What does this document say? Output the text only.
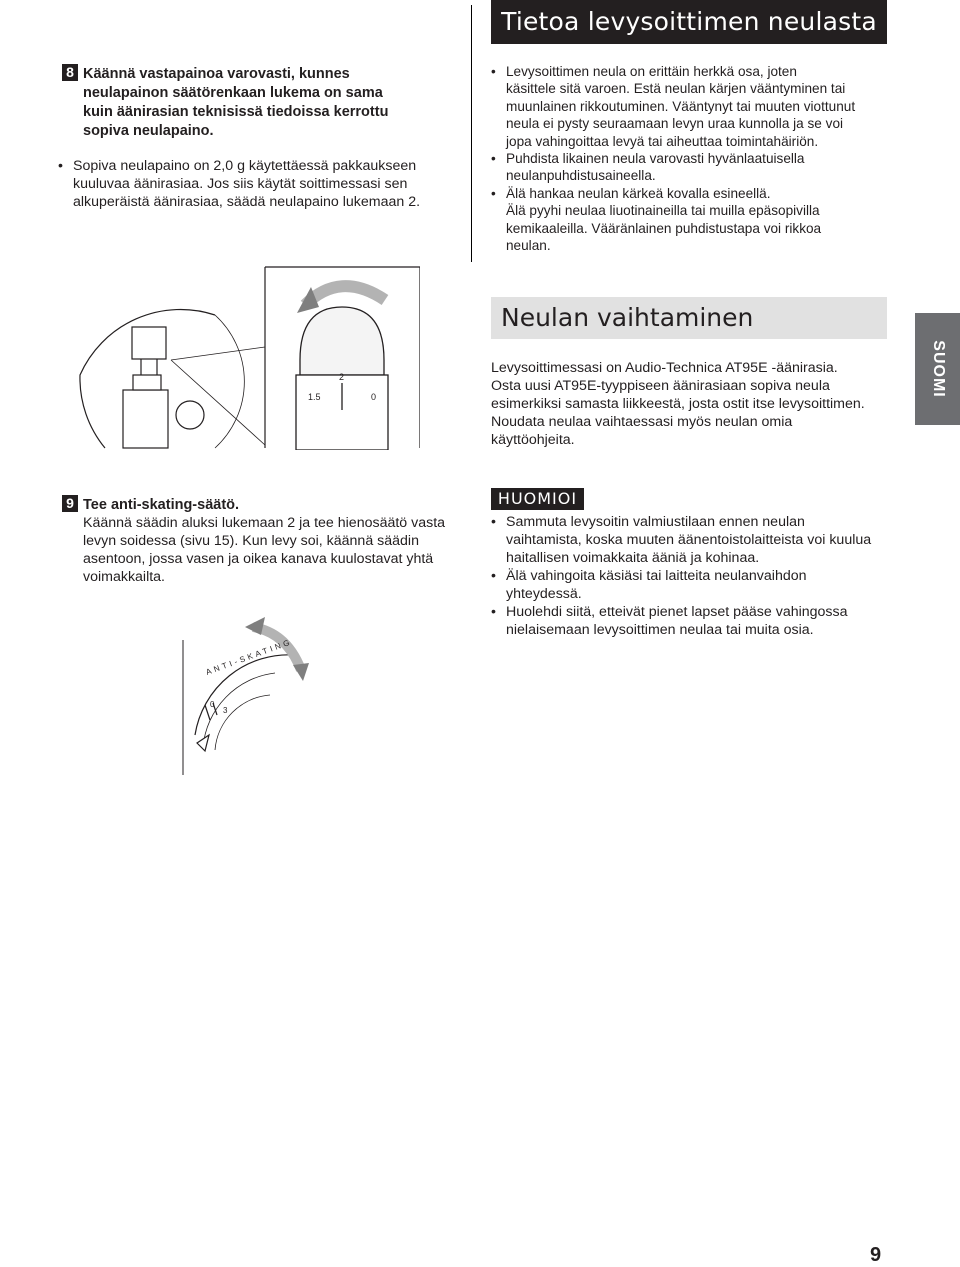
Tietoa levysoittimen neulasta
SUOMI
8 Käännä vastapainoa varovasti, kunnes
neulapainon säätörenkaan lukema on sama
kuin äänirasian teknisissä tiedoissa kerrottu
sopiva neulapaino.
• Sopiva neulapaino on 2,0 g käytettäessä pakkaukseen
kuuluvaa äänirasiaa. Jos siis käytät soittimessasi sen
alkuperäistä äänirasiaa, säädä neulapaino lukemaan 2.
• Levysoittimen neula on erittäin herkkä osa, joten
käsittele sitä varoen. Estä neulan kärjen vääntyminen tai
muunlainen rikkoutuminen. Vääntynyt tai muuten viottunut
neula ei pysty seuraamaan levyn uraa kunnolla ja se voi
jopa vahingoittaa levyä tai aiheuttaa toimintahäiriön.
• Puhdista likainen neula varovasti hyvänlaatuisella
neulanpuhdistusaineella.
• Älä hankaa neulan kärkeä kovalla esineellä.
Älä pyyhi neulaa liuotinaineilla tai muilla epäsopivilla
kemikaaleilla. Vääränlainen puhdistustapa voi rikkoa
neulan.
1.5
2
0
Neulan vaihtaminen
Levysoittimessasi on Audio-Technica AT95E -äänirasia.
Osta uusi AT95E-tyyppiseen äänirasiaan sopiva neula
esimerkiksi samasta liikkeestä, josta ostit itse levysoittimen.
Noudata neulaa vaihtaessasi myös neulan omia
käyttöohjeita.
9 Tee anti-skating-säätö.
Käännä säädin aluksi lukemaan 2 ja tee hienosäätö vasta
levyn soidessa (sivu 15). Kun levy soi, käännä säädin
asentoon, jossa vasen ja oikea kanava kuulostavat yhtä
voimakkailta.
ANTI-SKATING
0
3
HUOMIOI
• Sammuta levysoitin valmiustilaan ennen neulan
vaihtamista, koska muuten äänentoistolaitteista voi kuulua
haitallisen voimakkaita ääniä ja kohinaa.
• Älä vahingoita käsiäsi tai laitteita neulanvaihdon
yhteydessä.
• Huolehdi siitä, etteivät pienet lapset pääse vahingossa
nielaisemaan levysoittimen neulaa tai muita osia.
9
